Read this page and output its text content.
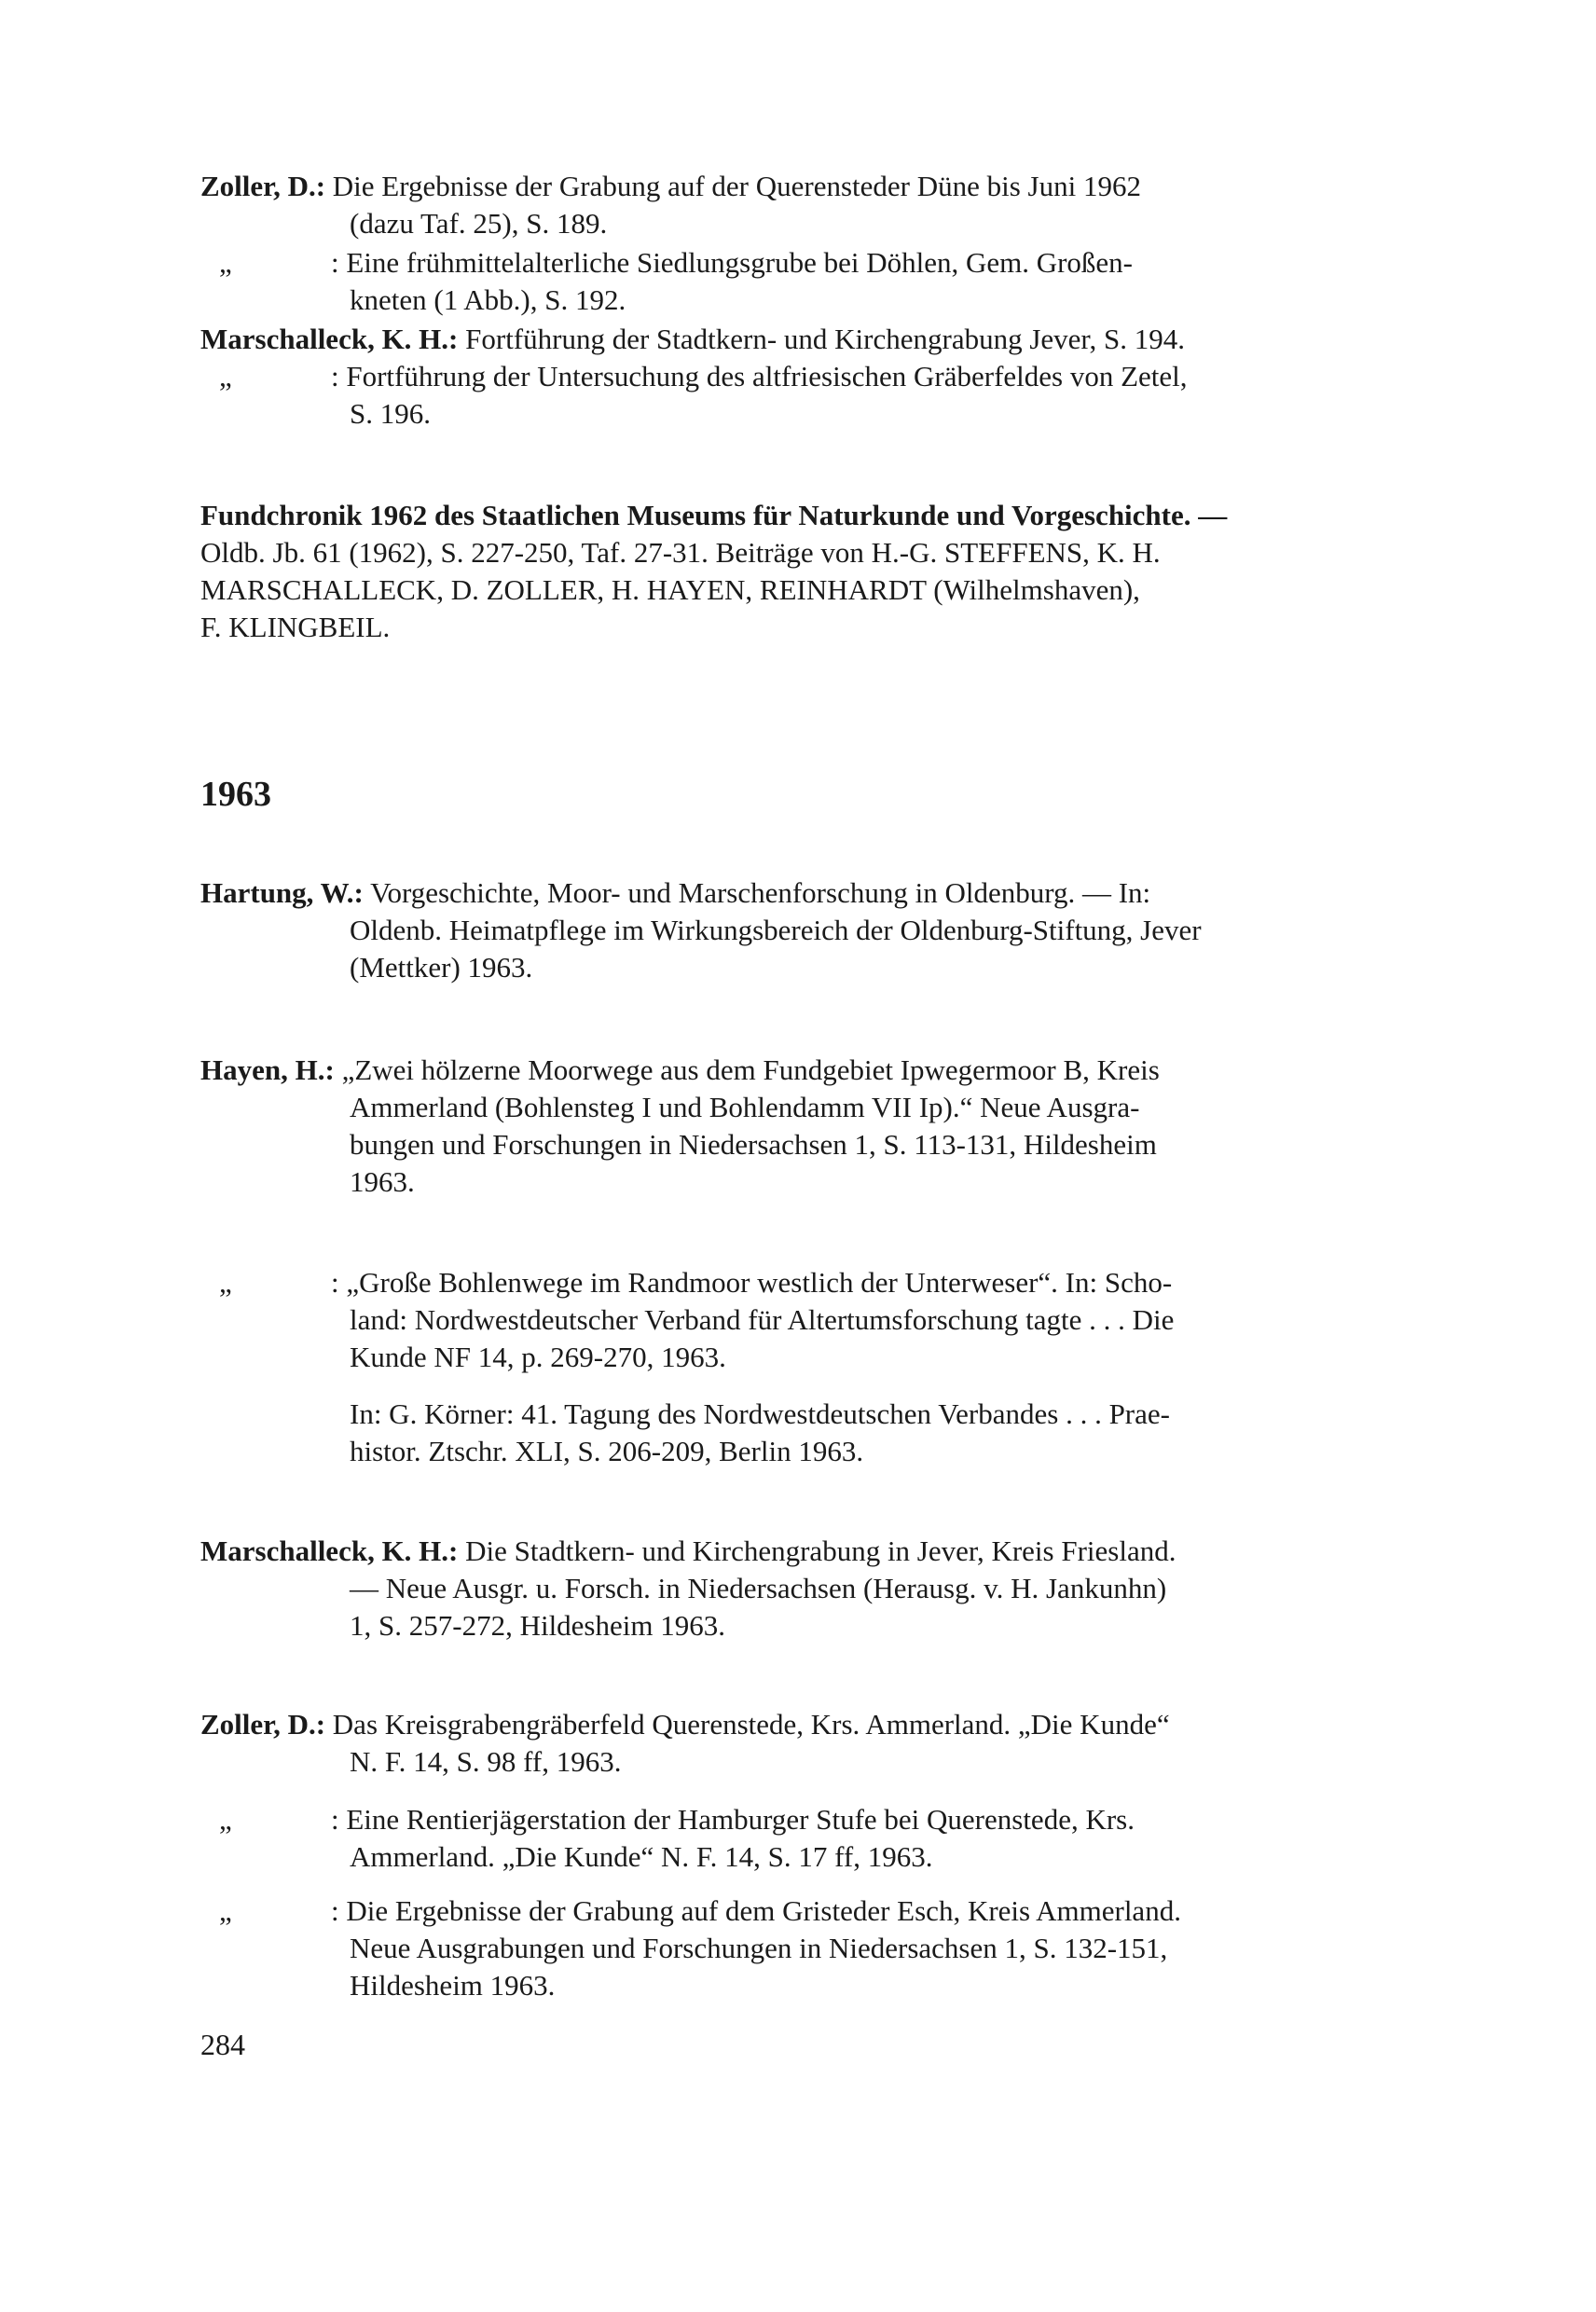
Zoller, D.: Die Ergebnisse der Grabung auf der Querensteder Düne bis Juni 1962
(dazu Taf. 25), S. 189.
„	: Eine frühmittelalterliche Siedlungsgrube bei Döhlen, Gem. Großen-
kneten (1 Abb.), S. 192.
Marschalleck, K. H.: Fortführung der Stadtkern- und Kirchengrabung Jever, S. 194.
„	: Fortführung der Untersuchung des altfriesischen Gräberfeldes von Zetel,
S. 196.
Fundchronik 1962 des Staatlichen Museums für Naturkunde und Vorgeschichte. —
Oldb. Jb. 61 (1962), S. 227-250, Taf. 27-31. Beiträge von H.-G. STEFFENS, K. H.
MARSCHALLECK, D. ZOLLER, H. HAYEN, REINHARDT (Wilhelmshaven),
F. KLINGBEIL.
1963
Hartung, W.: Vorgeschichte, Moor- und Marschenforschung in Oldenburg. — In:
Oldenb. Heimatpflege im Wirkungsbereich der Oldenburg-Stiftung, Jever
(Mettker) 1963.
Hayen, H.: „Zwei hölzerne Moorwege aus dem Fundgebiet Ipwegermoor B, Kreis
Ammerland (Bohlensteg I und Bohlendamm VII Ip).“ Neue Ausgra-
bungen und Forschungen in Niedersachsen 1, S. 113-131, Hildesheim
1963.
„	: „Große Bohlenwege im Randmoor westlich der Unterweser“. In: Scho-
land: Nordwestdeutscher Verband für Altertumsforschung tagte . . . Die
Kunde NF 14, p. 269-270, 1963.
In: G. Körner: 41. Tagung des Nordwestdeutschen Verbandes . . . Prae-
histor. Ztschr. XLI, S. 206-209, Berlin 1963.
Marschalleck, K. H.: Die Stadtkern- und Kirchengrabung in Jever, Kreis Friesland.
— Neue Ausgr. u. Forsch. in Niedersachsen (Herausg. v. H. Jankunhn)
1, S. 257-272, Hildesheim 1963.
Zoller, D.: Das Kreisgrabengräberfeld Querenstede, Krs. Ammerland. „Die Kunde“
N. F. 14, S. 98 ff, 1963.
„	: Eine Rentierjägerstation der Hamburger Stufe bei Querenstede, Krs.
Ammerland. „Die Kunde“ N. F. 14, S. 17 ff, 1963.
„	: Die Ergebnisse der Grabung auf dem Gristeder Esch, Kreis Ammerland.
Neue Ausgrabungen und Forschungen in Niedersachsen 1, S. 132-151,
Hildesheim 1963.
284
